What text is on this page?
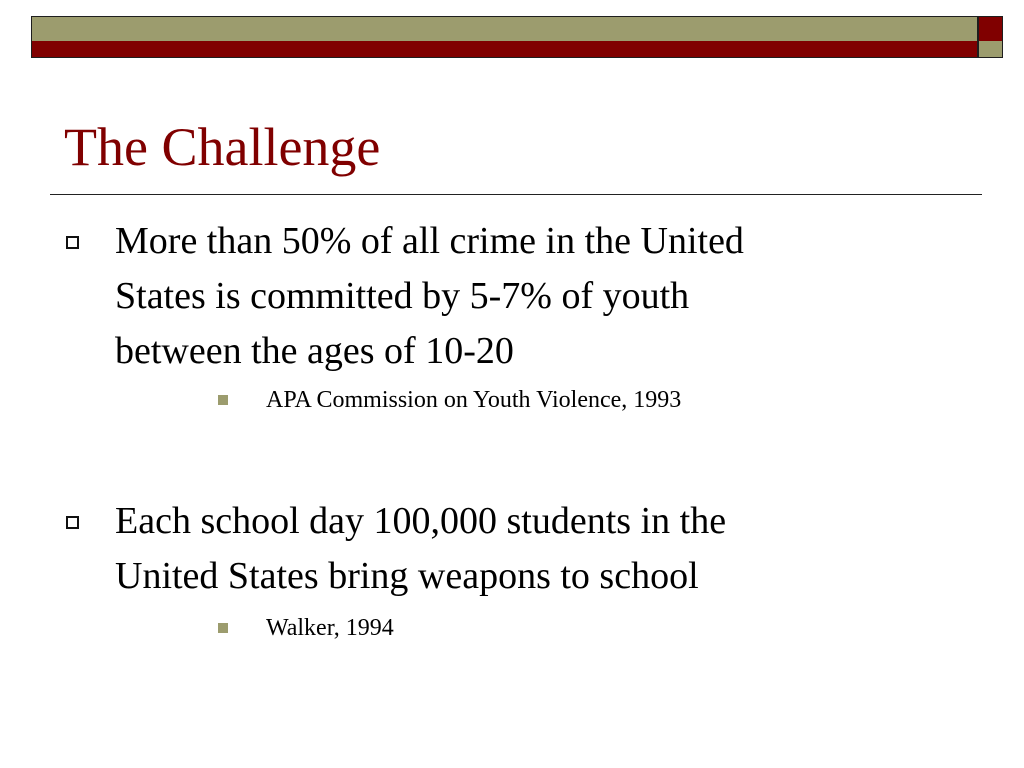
The Challenge
More than 50% of all crime in the United
States is committed by 5-7% of youth
between the ages of 10-20
APA Commission on Youth Violence, 1993
Each school day 100,000 students in the
United States bring weapons to school
Walker, 1994
